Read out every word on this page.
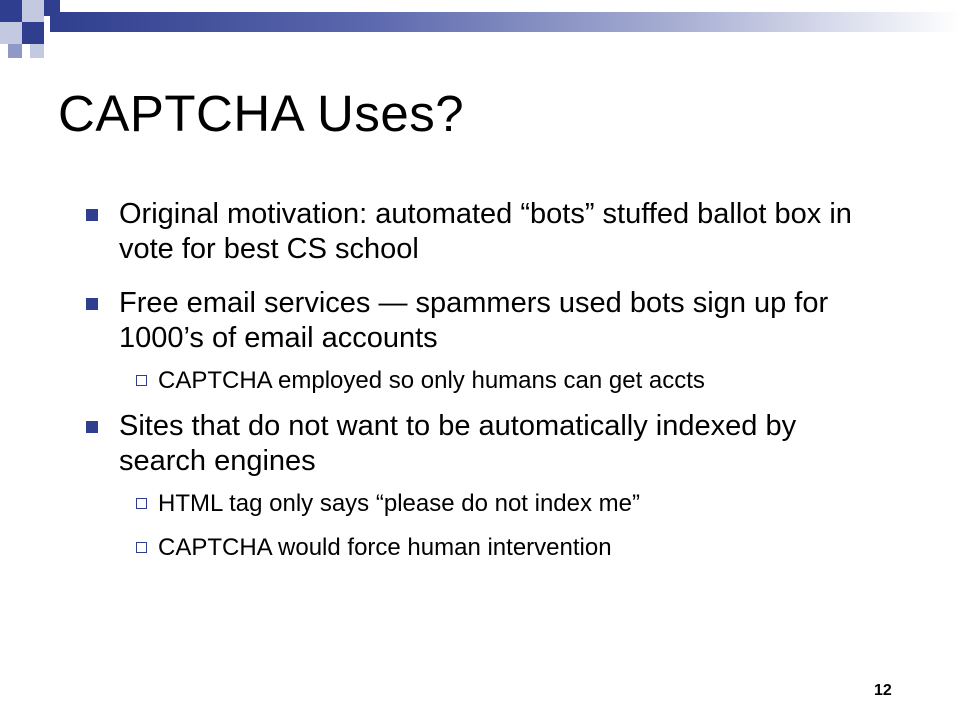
CAPTCHA Uses?
Original motivation: automated “bots” stuffed ballot box in vote for best CS school
Free email services — spammers used bots sign up for 1000’s of email accounts
CAPTCHA employed so only humans can get accts
Sites that do not want to be automatically indexed by search engines
HTML tag only says “please do not index me”
CAPTCHA would force human intervention
12
